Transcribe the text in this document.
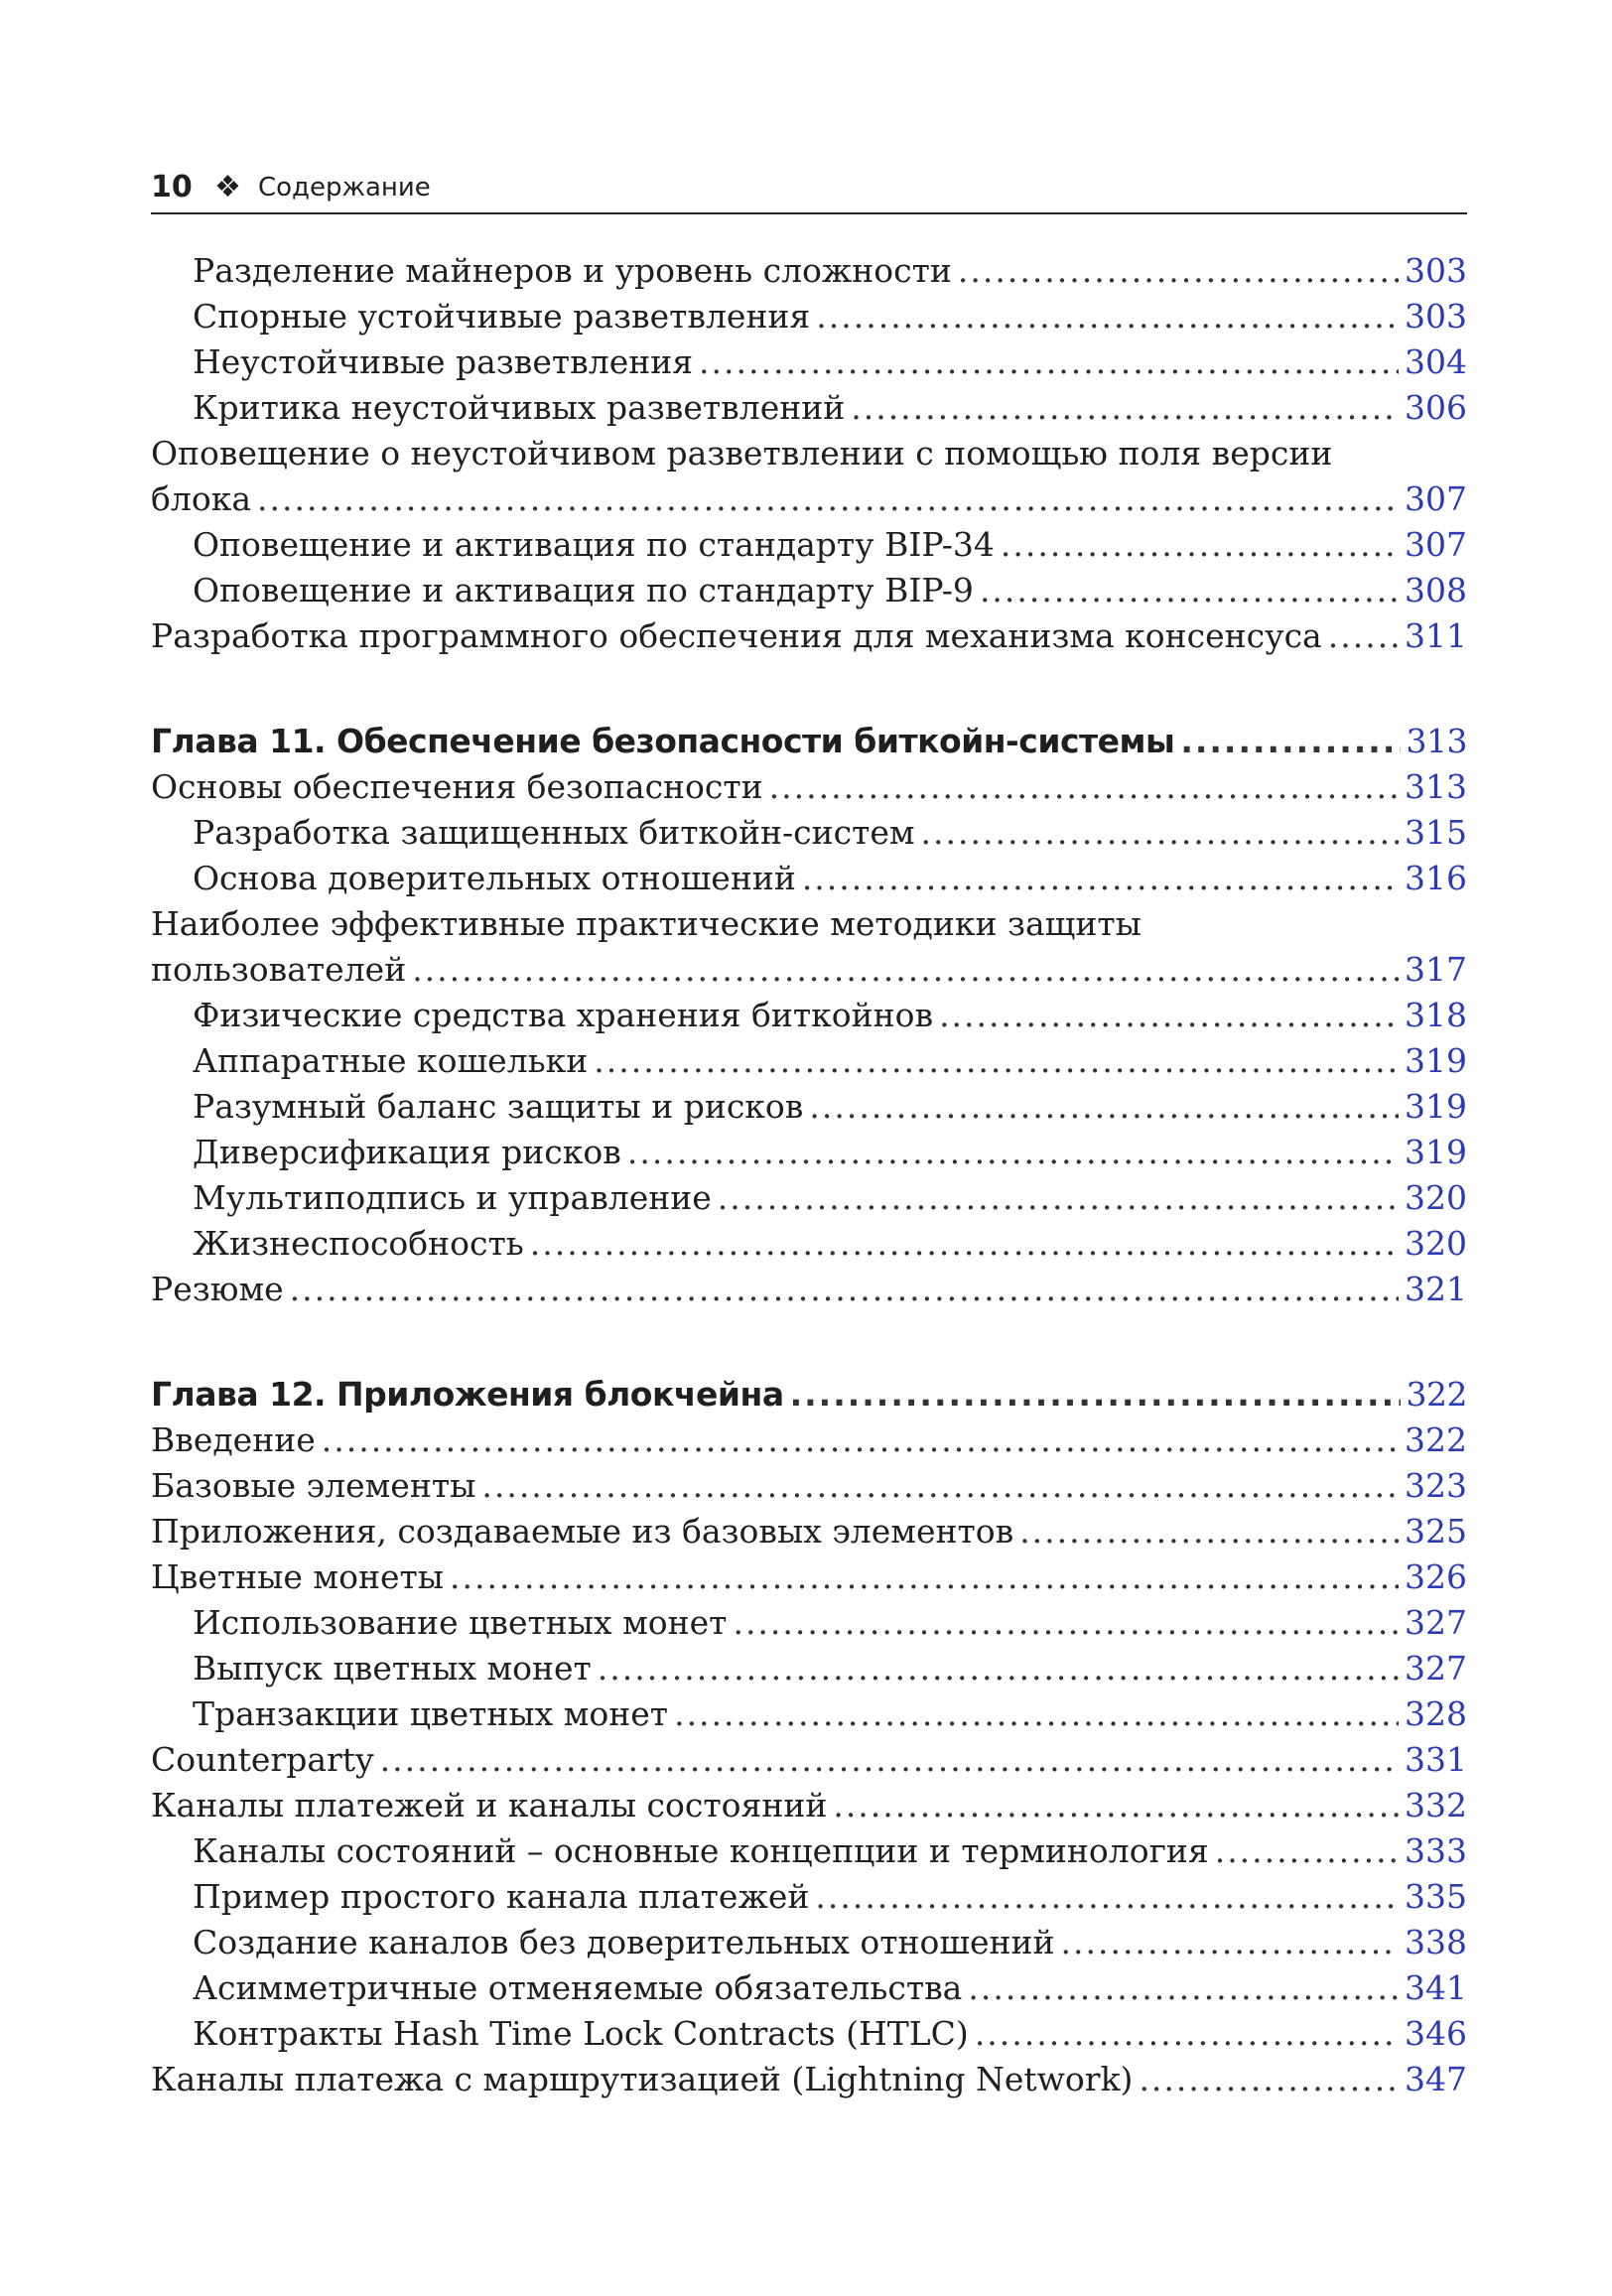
10 ❖ Содержание
Разделение майнеров и уровень сложности .....	303
Спорные устойчивые разветвления .....	303
Неустойчивые разветвления .....	304
Критика неустойчивых разветвлений .....	306
Оповещение о неустойчивом разветвлении с помощью поля версии
блока .....	307
Оповещение и активация по стандарту BIP-34 .....	307
Оповещение и активация по стандарту BIP-9 .....	308
Разработка программного обеспечения для механизма консенсуса .....	311
Глава 11. Обеспечение безопасности биткойн-системы .....	313
Основы обеспечения безопасности .....	313
Разработка защищенных биткойн-систем .....	315
Основа доверительных отношений .....	316
Наиболее эффективные практические методики защиты
пользователей .....	317
Физические средства хранения биткойнов .....	318
Аппаратные кошельки .....	319
Разумный баланс защиты и рисков .....	319
Диверсификация рисков .....	319
Мультиподпись и управление .....	320
Жизнеспособность .....	320
Резюме .....	321
Глава 12. Приложения блокчейна .....	322
Введение .....	322
Базовые элементы .....	323
Приложения, создаваемые из базовых элементов .....	325
Цветные монеты .....	326
Использование цветных монет .....	327
Выпуск цветных монет .....	327
Транзакции цветных монет .....	328
Counterparty .....	331
Каналы платежей и каналы состояний .....	332
Каналы состояний – основные концепции и терминология .....	333
Пример простого канала платежей .....	335
Создание каналов без доверительных отношений .....	338
Асимметричные отменяемые обязательства .....	341
Контракты Hash Time Lock Contracts (HTLC) .....	346
Каналы платежа с маршрутизацией (Lightning Network) .....	347
